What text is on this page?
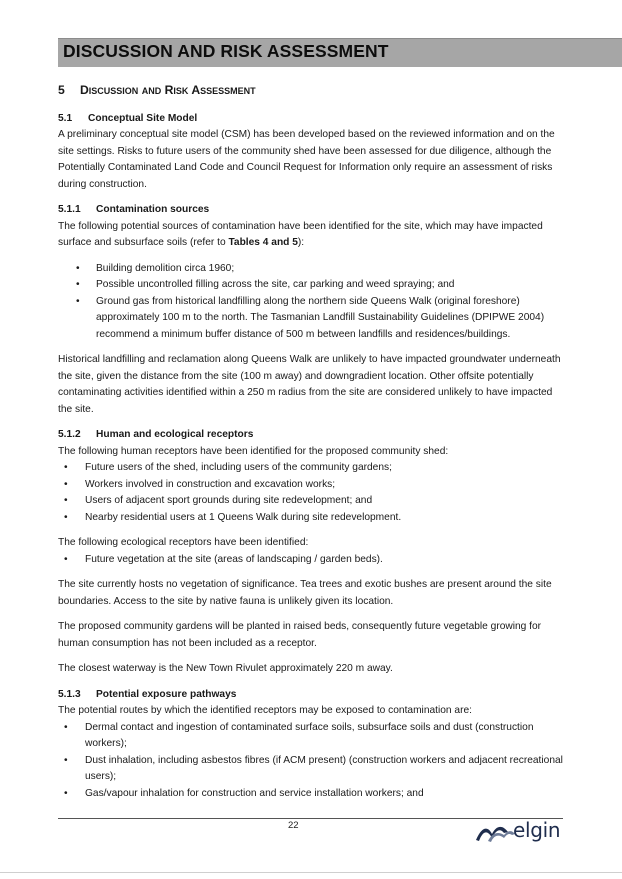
DISCUSSION AND RISK ASSESSMENT
5 Discussion and Risk Assessment
5.1 Conceptual Site Model

A preliminary conceptual site model (CSM) has been developed based on the reviewed information and on the site settings. Risks to future users of the community shed have been assessed for due diligence, although the Potentially Contaminated Land Code and Council Request for Information only require an assessment of risks during construction.

5.1.1 Contamination sources

The following potential sources of contamination have been identified for the site, which may have impacted surface and subsurface soils (refer to Tables 4 and 5):

• Building demolition circa 1960;
• Possible uncontrolled filling across the site, car parking and weed spraying; and
• Ground gas from historical landfilling along the northern side Queens Walk (original foreshore) approximately 100 m to the north. The Tasmanian Landfill Sustainability Guidelines (DPIPWE 2004) recommend a minimum buffer distance of 500 m between landfills and residences/buildings.

Historical landfilling and reclamation along Queens Walk are unlikely to have impacted groundwater underneath the site, given the distance from the site (100 m away) and downgradient location. Other offsite potentially contaminating activities identified within a 250 m radius from the site are considered unlikely to have impacted the site.

5.1.2 Human and ecological receptors

The following human receptors have been identified for the proposed community shed:

• Future users of the shed, including users of the community gardens;
• Workers involved in construction and excavation works;
• Users of adjacent sport grounds during site redevelopment; and
• Nearby residential users at 1 Queens Walk during site redevelopment.

The following ecological receptors have been identified:

• Future vegetation at the site (areas of landscaping / garden beds).

The site currently hosts no vegetation of significance. Tea trees and exotic bushes are present around the site boundaries. Access to the site by native fauna is unlikely given its location.

The proposed community gardens will be planted in raised beds, consequently future vegetable growing for human consumption has not been included as a receptor.

The closest waterway is the New Town Rivulet approximately 220 m away.

5.1.3 Potential exposure pathways

The potential routes by which the identified receptors may be exposed to contamination are:

• Dermal contact and ingestion of contaminated surface soils, subsurface soils and dust (construction workers);
• Dust inhalation, including asbestos fibres (if ACM present) (construction workers and adjacent recreational users);
• Gas/vapour inhalation for construction and service installation workers; and
22	elgin
